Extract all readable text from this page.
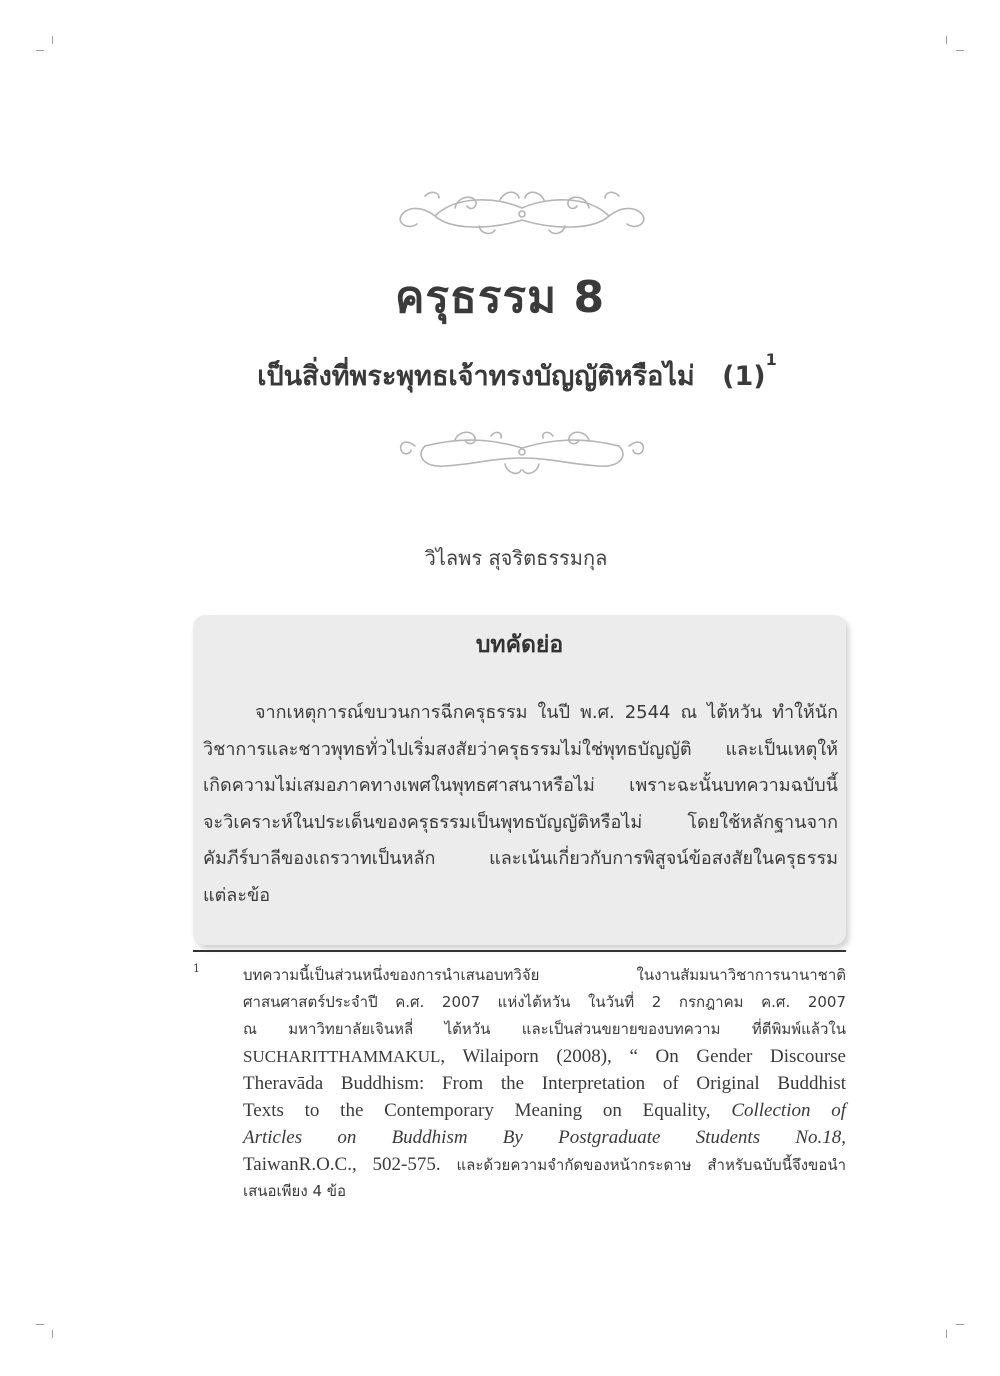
ครุธรรม 8
เป็นสิ่งที่พระพุทธเจ้าทรงบัญญัติหรือไม่ $(1)^1$
วิไลพร สุจริตธรรมกุล
บทคัดย่อ
จากเหตุการณ์ขบวนการฉีกครุธรรม ในปี พ.ศ. 2544 ณ ไต้หวัน ทำให้นัก
วิชาการและชาวพุทธทั่วไปเริ่มสงสัยว่าครุธรรมไม่ใช่พุทธบัญญัติ และเป็นเหตุให้
เกิดความไม่เสมอภาคทางเพศในพุทธศาสนาหรือไม่ เพราะฉะนั้นบทความฉบับนี้
จะวิเคราะห์ในประเด็นของครุธรรมเป็นพุทธบัญญัติหรือไม่ โดยใช้หลักฐานจาก
คัมภีร์บาลีของเถรวาทเป็นหลัก และเน้นเกี่ยวกับการพิสูจน์ข้อสงสัยในครุธรรม
แต่ละข้อ
1	บทความนี้เป็นส่วนหนึ่งของการนำเสนอบทวิจัย ในงานสัมมนาวิชาการนานาชาติ
ศาสนศาสตร์ประจำปี ค.ศ. 2007 แห่งไต้หวัน ในวันที่ 2 กรกฎาคม ค.ศ. 2007
ณ มหาวิทยาลัยเจินหลี่ ไต้หวัน และเป็นส่วนขยายของบทความ ที่ตีพิมพ์แล้วใน
SUCHARITTHAMMAKUL, Wilaiporn (2008), “ On Gender Discourse
Theravāda Buddhism: From the Interpretation of Original Buddhist
Texts to the Contemporary Meaning on Equality, Collection of
Articles on Buddhism By Postgraduate Students No.18,
TaiwanR.O.C., 502-575. และด้วยความจำกัดของหน้ากระดาษ สำหรับฉบับนี้จึงขอนำ
เสนอเพียง 4 ข้อ
